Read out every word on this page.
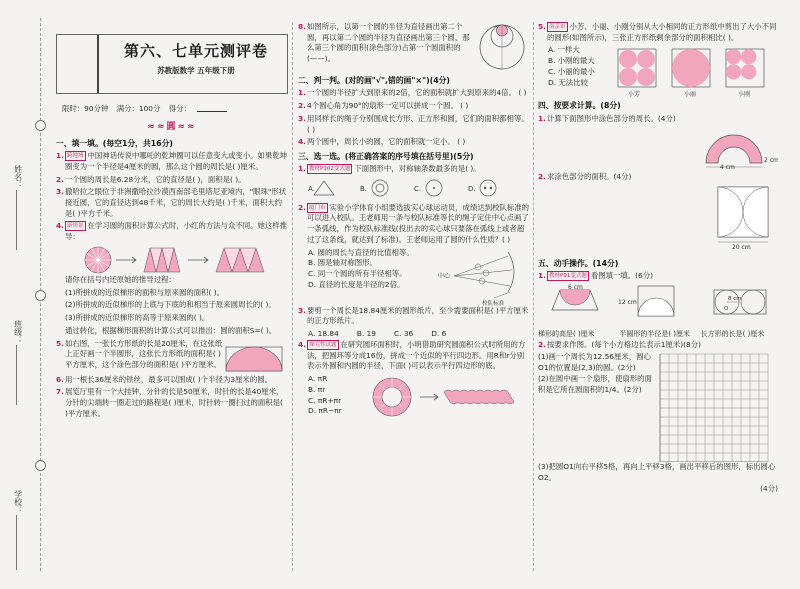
姓名：
班级：
学校：
第六、七单元测评卷
苏教版数学 五年级下册
限时：90分钟 满分：100分 得分：
≈≈圆≈≈
一、填一填。(每空1分，共16分)
1. 跨地域 中国神话传说中哪吒的乾坤圈可以任意变大或变小。如果乾坤圈变为一个半径是4厘米的圆，那么这个圆的周长是( )厘米。
2. 一个圆的周长是6.28分米，它的直径是( )，面积是( )。
3. 撒哈拉之眼位于非洲撒哈拉沙漠西南部毛里塔尼亚境内，"眼珠"形状接近圆，它的直径达到48千米，它的周长大约是( )千米，面积大约是( )平方千米。
4. 新情景 在学习圆的面积计算公式时，小红的方法与众不同。她这样推导：
请你在括号内还原她的推导过程：
(1)所拼成的近似梯形的面积与原来圆的面积( )。
(2)所拼成的近似梯形的上底与下底的和相当于原来圆周长的( )。
(3)所拼成的近似梯形的高等于原来圆的( )。
通过转化，根据梯形面积的计算公式可以推出：圆的面积S=( )。
5. 如右图，一张长方形纸的长是20厘米，在这张纸上正好画一个半圆形，这张长方形纸的面积是( )平方厘米，这个涂色部分的面积是( )平方厘米。
6. 用一根长36厘米的铁丝，最多可以围成( )个半径为3厘米的圆。
7. 展览厅里有一个大挂钟，分针的长是50厘米，时针的长是40厘米，分针的尖端转一圈走过的路程是( )厘米，时针转一圈扫过的面积是( )平方厘米。
8. 如图所示，以第一个圆的半径为直径画出第二个圆，再以第二个圆的半径为直径画出第三个圆，那么第三个圆的面积(涂色部分)占第一个圆面积的(——)。
二、判一判。(对的画"√",错的画"×")(4分)
1. 一个圆的半径扩大到原来的2倍，它的面积就扩大到原来的4倍。 ( )
2. 4个圆心角为90°的扇形一定可以拼成一个圆。 ( )
3. 用同样长的绳子分别围成长方形、正方形和圆，它们的面积都相等。 ( )
4. 两个圆中，周长小的圆，它的面积就一定小。 ( )
三、选一选。(将正确答案的序号填在括号里)(5分)
1. 教材P102变式题 下面图形中，对称轴条数最多的是( )。
A.	B.	C.	D.
2. 厦门市 实验小学体育小组要选拔实心球运动员，成绩达到校队标准的可以进入校队。王老师用一条与校队标准等长的绳子定住中心点画了一条弧线，作为校队标准线(投出去的实心球只要落在弧线上或者超过了这条线，就达到了标准)。王老师运用了圆的什么性质？( )
A. 圆的周长与直径的比值相等。
B. 圆是轴对称图形。
C. 同一个圆的所有半径相等。
D. 直径的长度是半径的2倍。
中心
校队标准
3. 要剪一个周长是18.84厘米的圆形纸片，至少需要面积是( )平方厘米的正方形纸片。
A. 18.84 B. 19 C. 36 D. 6
4. 探究性试题 在研究圆环面积时，小明借助研究圆面积公式时所用的方法，把圆环等分成16份，拼成一个近似的平行四边形。用R和r分别表示外圆和内圆的半径，下面( )可以表示平行四边形的底。
A. πR
B. πr
C. πR+πr
D. πR−πr
5. 南京市 小芳、小丽、小刚分别从大小相同的正方形纸中剪出了大小不同的圆形(如图所示)，三张正方形纸剩余部分的面积相比( )。
A. 一样大
B. 小刚的最大
C. 小丽的最小
D. 无法比较
小芳	小丽	小刚
四、按要求计算。(8分)
1. 计算下面图形中涂色部分的周长。(4分)
4 cm
2 cm
2. 求涂色部分的面积。(4分)
20 cm
五、动手操作。(14分)
1. 教材P91变式题 看图填一填。(6分)
6 cm
12 cm	8 cm
O
梯形的高是( )厘米	半圆形的半径是( )厘米	长方形的长是( )厘米
2. 按要求作图。(每个小方格边长表示1厘米)(8分)
(1)画一个周长为12.56厘米，圆心O1的位置是(2,3)的圆。(2分)
(2)在圆中画一个扇形，使扇形的面积是它所在圆面积的1/4。(2分)
(3)把圆O1向右平移5格，再向上平移3格，画出平移后的图形，标出圆心O2。
(4分)
